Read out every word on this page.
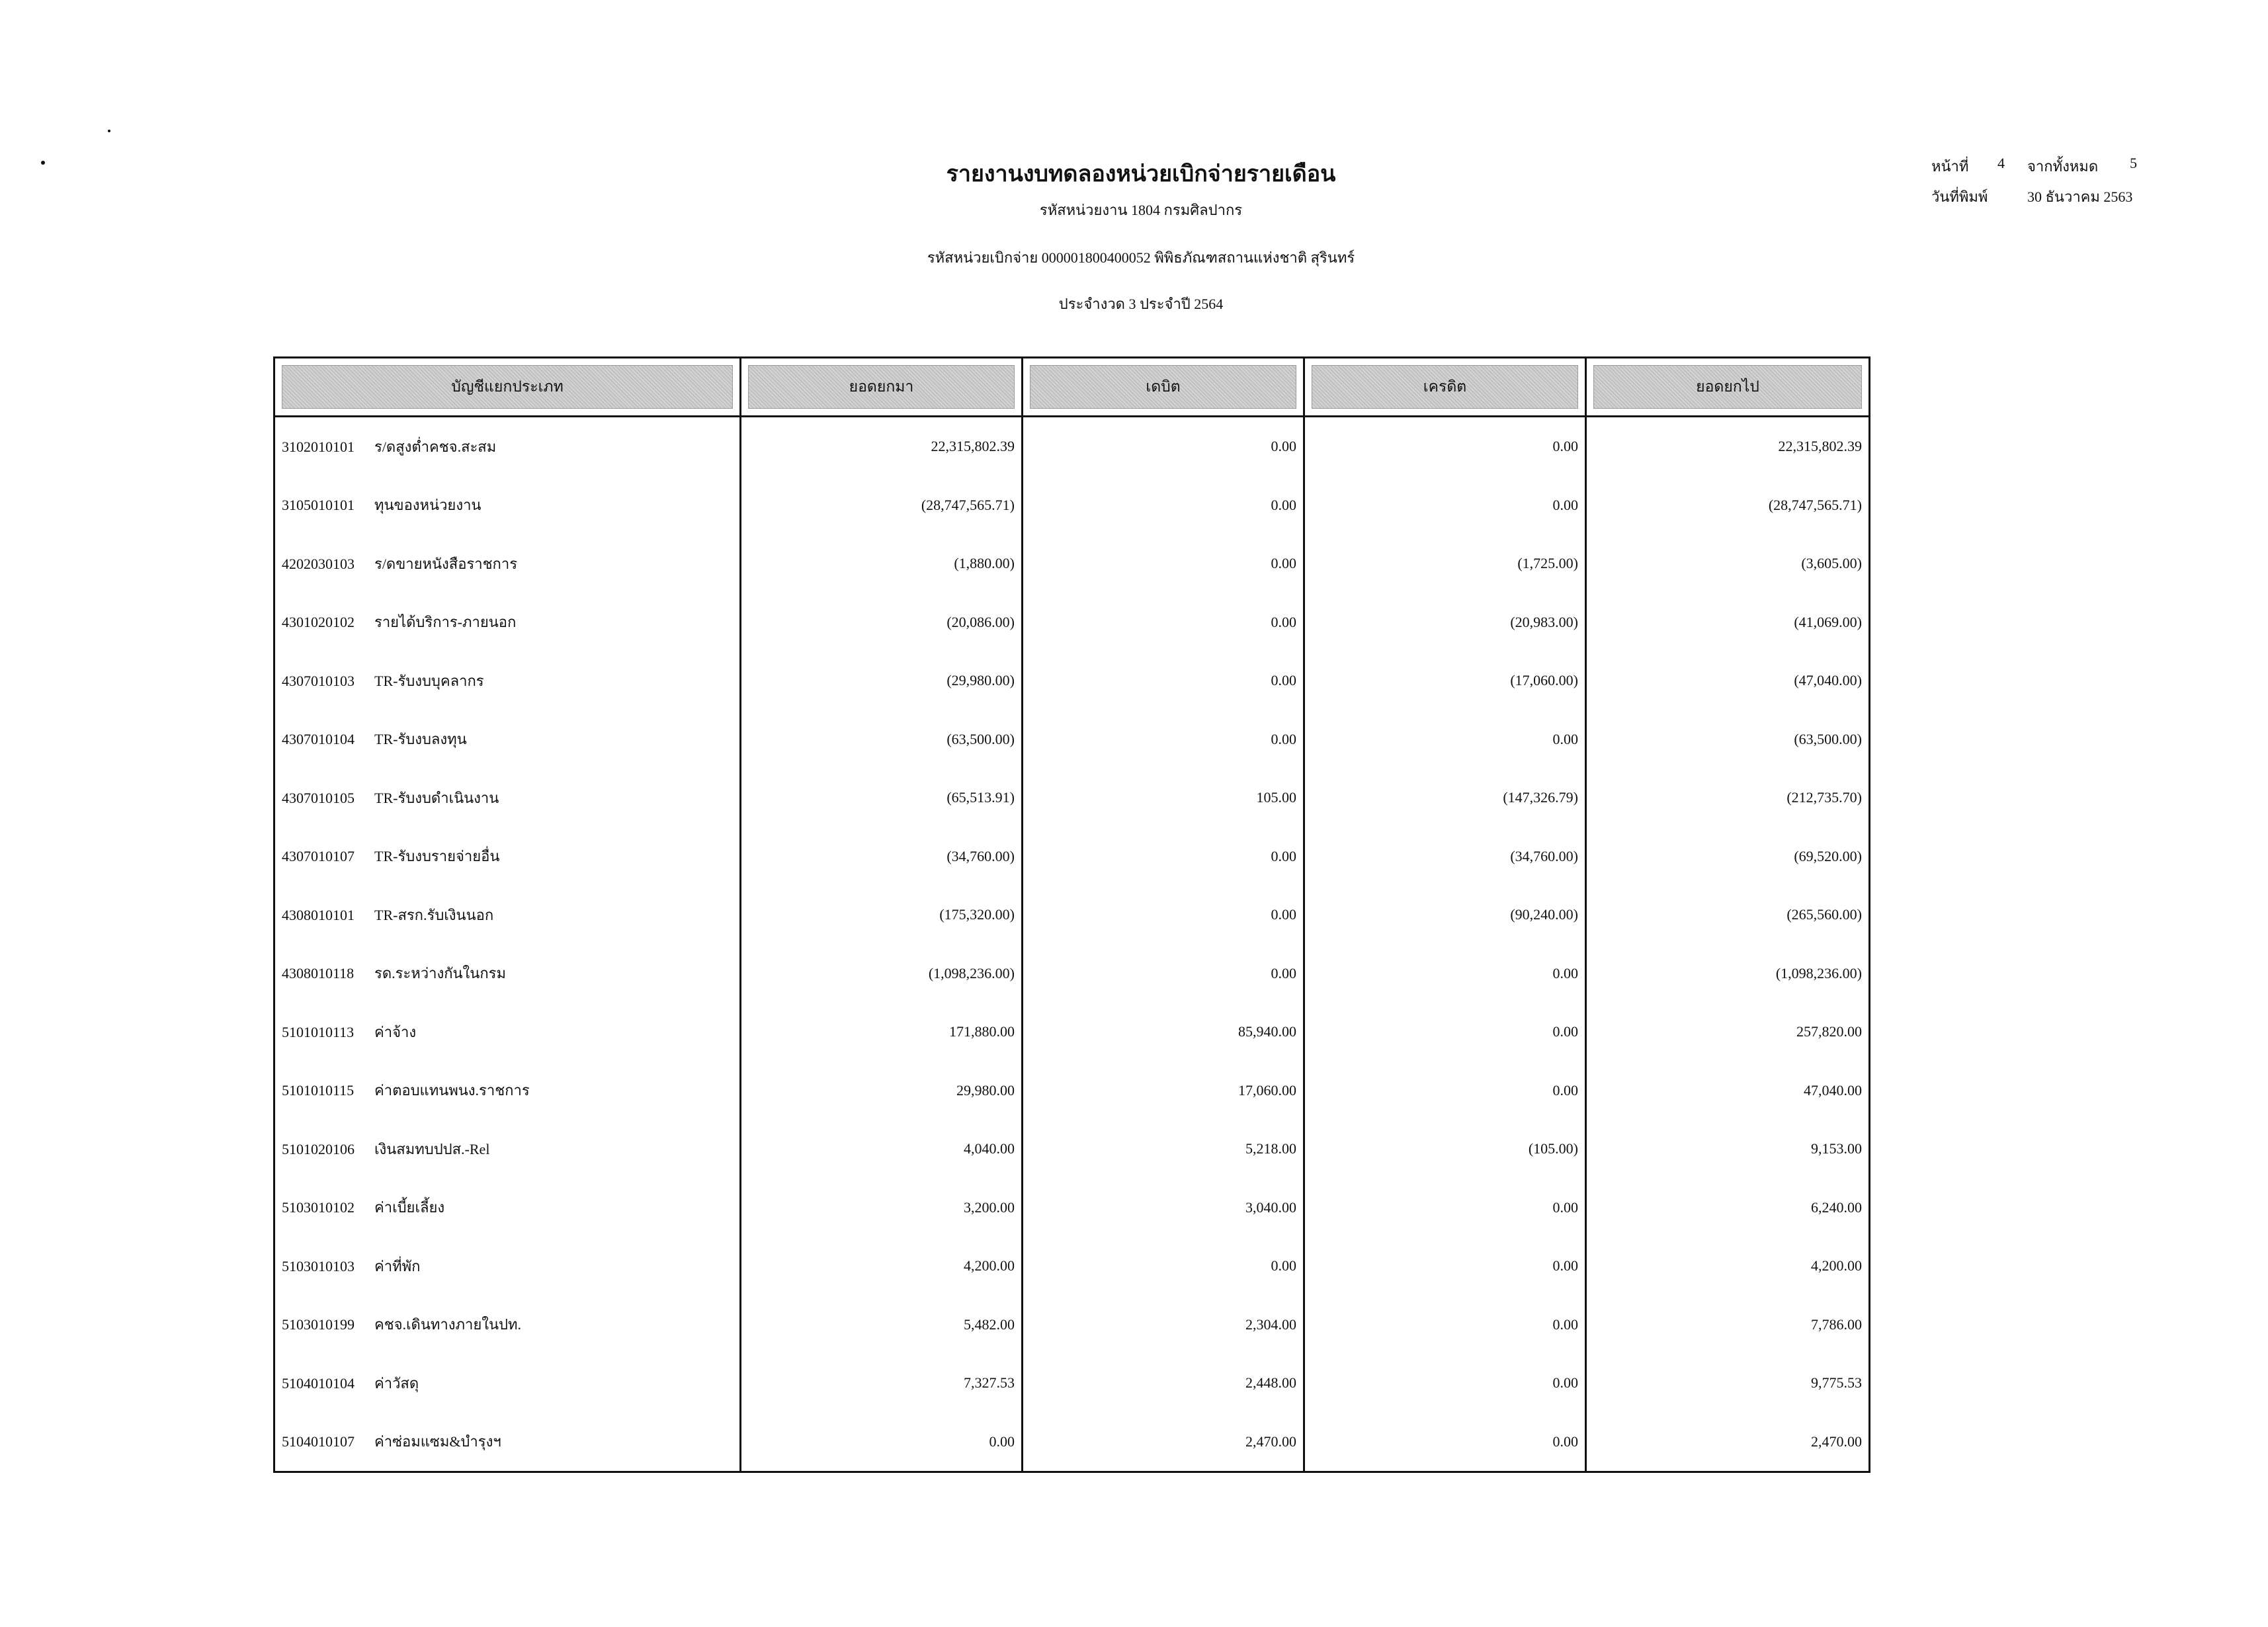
รายงานงบทดลองหน่วยเบิกจ่ายรายเดือน
รหัสหน่วยงาน 1804 กรมศิลปากร
รหัสหน่วยเบิกจ่าย 000001800400052 พิพิธภัณฑสถานแห่งชาติ สุรินทร์
ประจำงวด 3 ประจำปี 2564
หน้าที่ 4 จากทั้งหมด 5
วันที่พิมพ์	30 ธันวาคม 2563
บัญชีแยกประเภท	ยอดยกมา	เดบิต	เครดิต	ยอดยกไป

3102010101 ร/ดสูงต่ำคชจ.สะสม	22,315,802.39	0.00	0.00	22,315,802.39
3105010101 ทุนของหน่วยงาน	(28,747,565.71)	0.00	0.00	(28,747,565.71)
4202030103 ร/ดขายหนังสือราชการ	(1,880.00)	0.00	(1,725.00)	(3,605.00)
4301020102 รายได้บริการ-ภายนอก	(20,086.00)	0.00	(20,983.00)	(41,069.00)
4307010103 TR-รับงบบุคลากร	(29,980.00)	0.00	(17,060.00)	(47,040.00)
4307010104 TR-รับงบลงทุน	(63,500.00)	0.00	0.00	(63,500.00)
4307010105 TR-รับงบดำเนินงาน	(65,513.91)	105.00	(147,326.79)	(212,735.70)
4307010107 TR-รับงบรายจ่ายอื่น	(34,760.00)	0.00	(34,760.00)	(69,520.00)
4308010101 TR-สรก.รับเงินนอก	(175,320.00)	0.00	(90,240.00)	(265,560.00)
4308010118 รด.ระหว่างกันในกรม	(1,098,236.00)	0.00	0.00	(1,098,236.00)
5101010113 ค่าจ้าง	171,880.00	85,940.00	0.00	257,820.00
5101010115 ค่าตอบแทนพนง.ราชการ	29,980.00	17,060.00	0.00	47,040.00
5101020106 เงินสมทบปปส.-Rel	4,040.00	5,218.00	(105.00)	9,153.00
5103010102 ค่าเบี้ยเลี้ยง	3,200.00	3,040.00	0.00	6,240.00
5103010103 ค่าที่พัก	4,200.00	0.00	0.00	4,200.00
5103010199 คชจ.เดินทางภายในปท.	5,482.00	2,304.00	0.00	7,786.00
5104010104 ค่าวัสดุ	7,327.53	2,448.00	0.00	9,775.53
5104010107 ค่าซ่อมแซม&บำรุงฯ	0.00	2,470.00	0.00	2,470.00
